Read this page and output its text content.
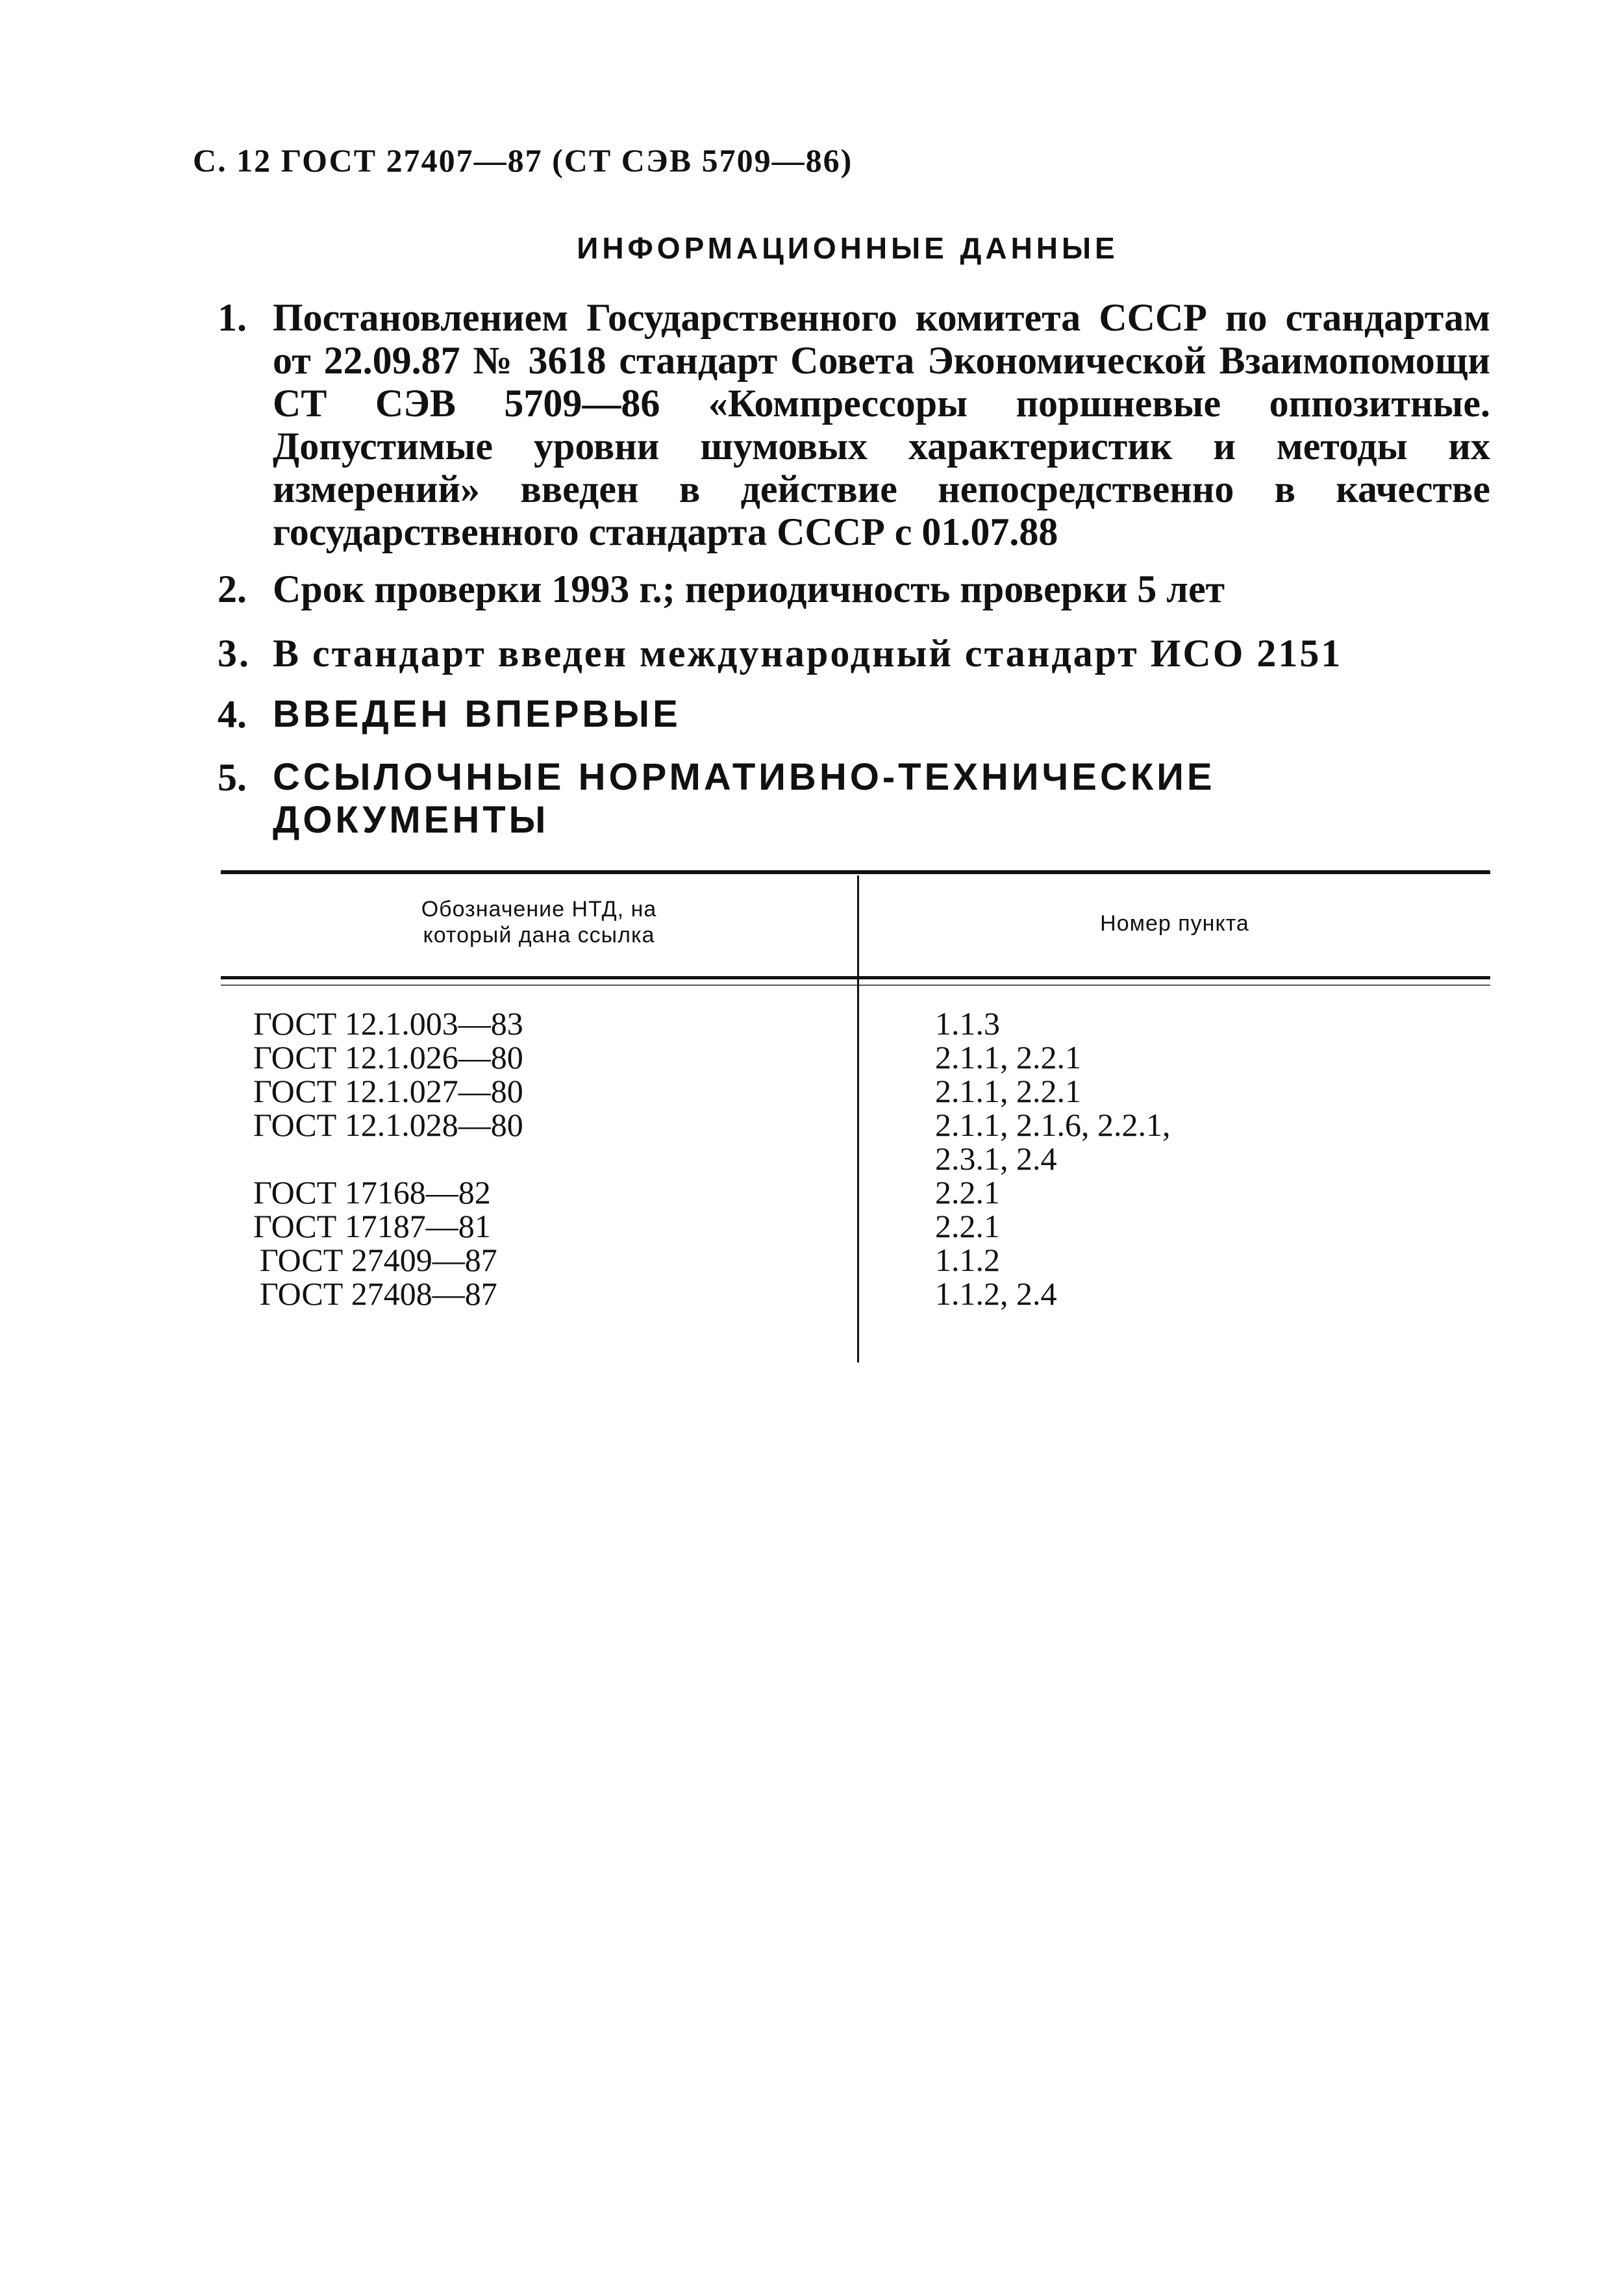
С. 12 ГОСТ 27407—87 (СТ СЭВ 5709—86)
ИНФОРМАЦИОННЫЕ ДАННЫЕ
1. Постановлением Государственного комитета СССР по стандартам от 22.09.87 № 3618 стандарт Совета Экономической Взаимопомощи СТ СЭВ 5709—86 «Компрессоры поршневые оппозитные. Допустимые уровни шумовых характеристик и методы их измерений» введен в действие непосредственно в качестве государственного стандарта СССР с 01.07.88
2. Срок проверки 1993 г.; периодичность проверки 5 лет
3. В стандарт введен международный стандарт ИСО 2151
4. ВВЕДЕН ВПЕРВЫЕ
5. ССЫЛОЧНЫЕ НОРМАТИВНО-ТЕХНИЧЕСКИЕ ДОКУМЕНТЫ
Обозначение НТД, на который дана ссылка	Номер пункта
ГОСТ 12.1.003—83
ГОСТ 12.1.026—80
ГОСТ 12.1.027—80
ГОСТ 12.1.028—80

ГОСТ 17168—82
ГОСТ 17187—81
ГОСТ 27409—87
ГОСТ 27408—87
1.1.3
2.1.1, 2.2.1
2.1.1, 2.2.1
2.1.1, 2.1.6, 2.2.1,
2.3.1, 2.4
2.2.1
2.2.1
1.1.2
1.1.2, 2.4
